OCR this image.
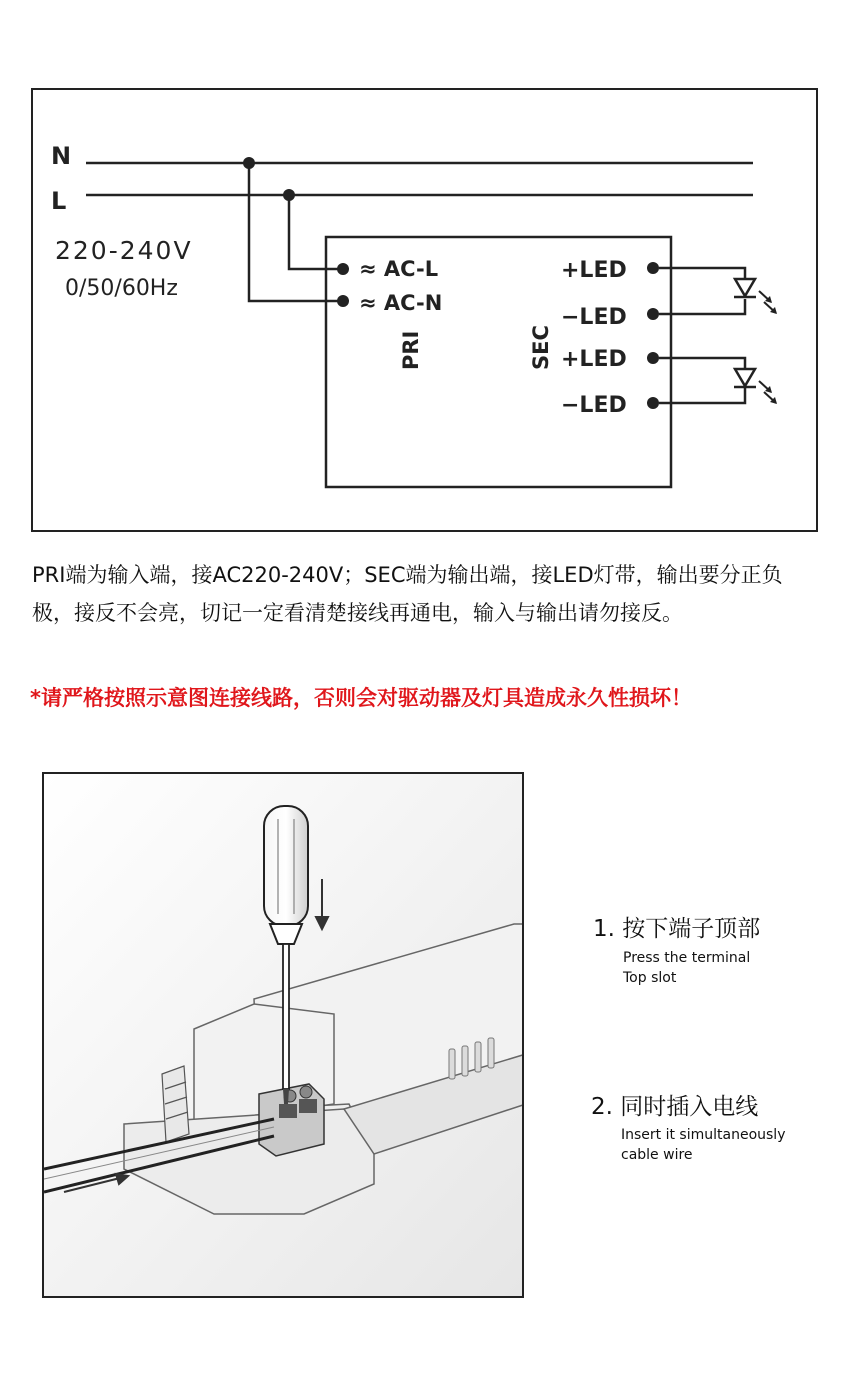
N
L
220-240V
0/50/60Hz
≈ AC-L
≈ AC-N
PRI	SEC
+LED
−LED
+LED
−LED
PRI端为输入端，接AC220-240V；SEC端为输出端，接LED灯带，输出要分正负极，接反不会亮，切记一定看清楚接线再通电，输入与输出请勿接反。
*请严格按照示意图连接线路，否则会对驱动器及灯具造成永久性损坏！
1. 按下端子顶部
Press the terminal
Top slot
2. 同时插入电线
Insert it simultaneously
cable wire
